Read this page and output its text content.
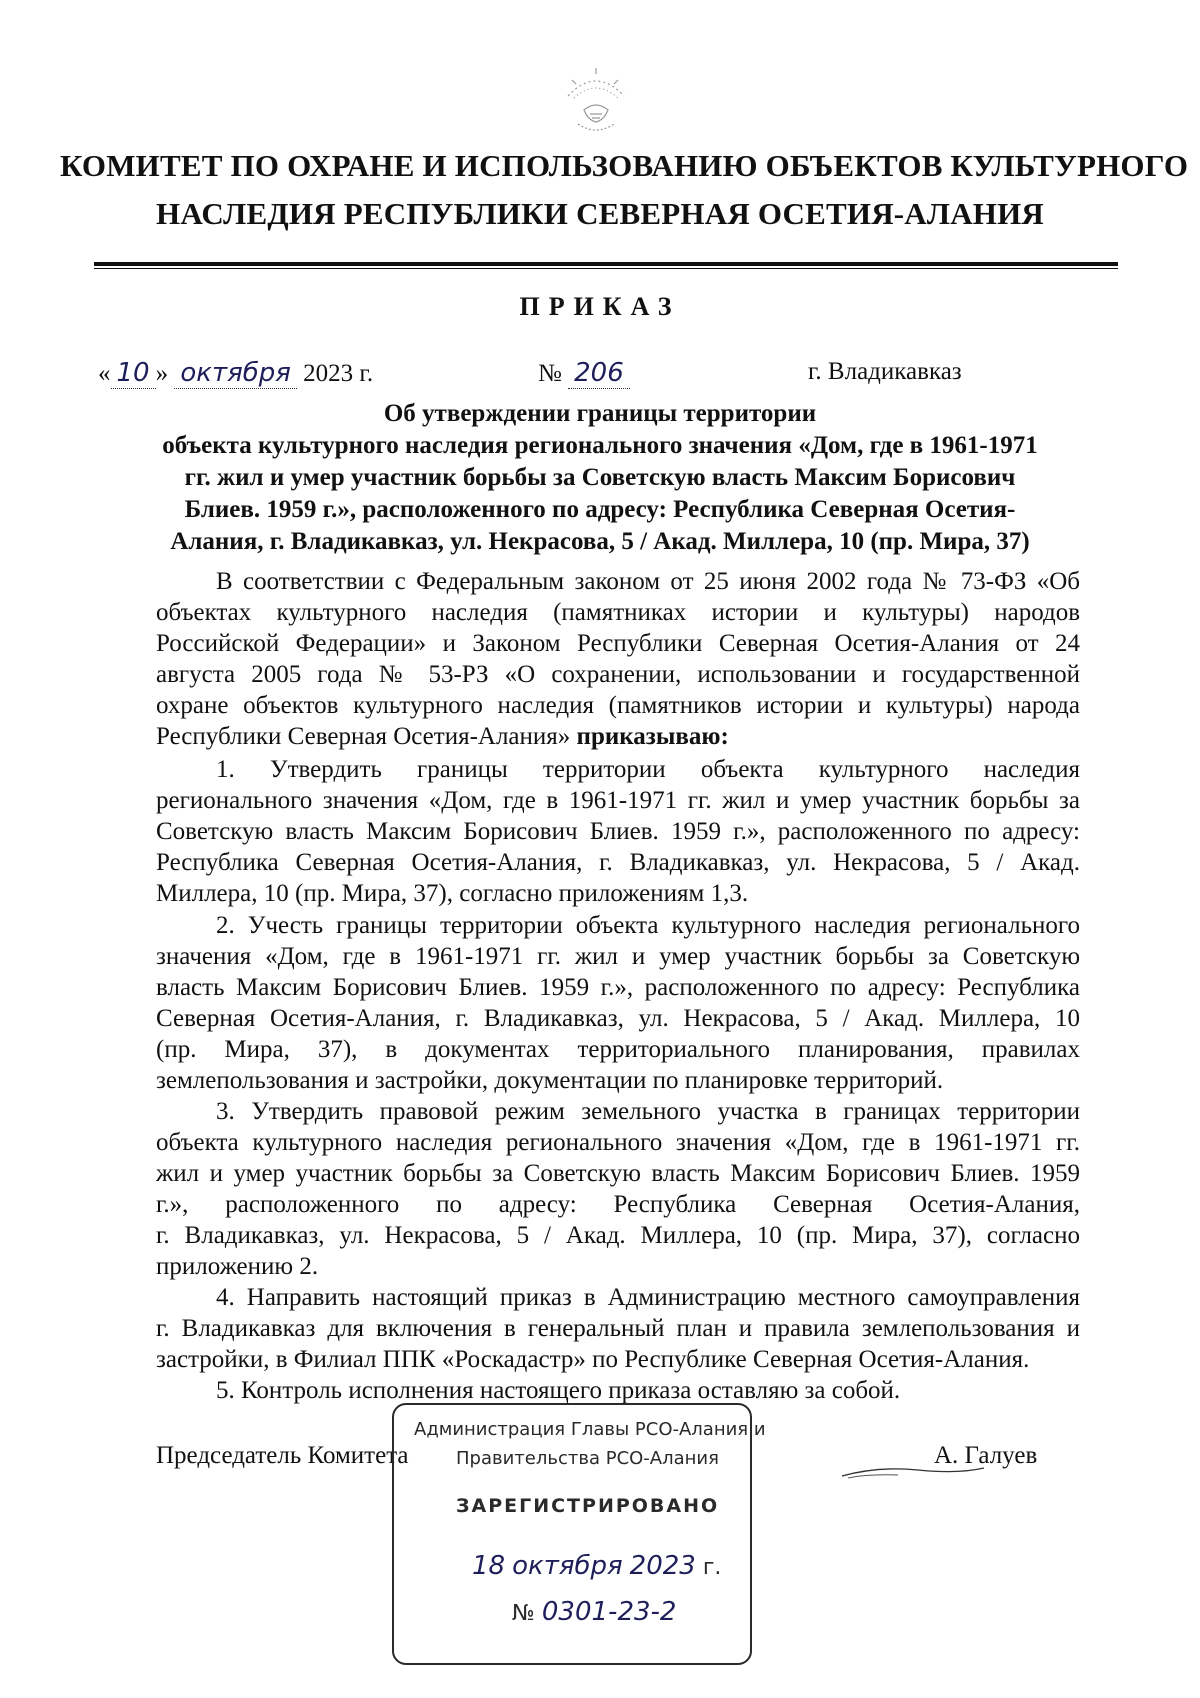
КОМИТЕТ ПО ОХРАНЕ И ИСПОЛЬЗОВАНИЮ ОБЪЕКТОВ КУЛЬТУРНОГО
НАСЛЕДИЯ РЕСПУБЛИКИ СЕВЕРНАЯ ОСЕТИЯ-АЛАНИЯ
ПРИКАЗ
« 10 » октября 2023 г.	№ 206	г. Владикавказ
Об утверждении границы территории
объекта культурного наследия регионального значения «Дом, где в 1961-1971
гг. жил и умер участник борьбы за Советскую власть Максим Борисович
Блиев. 1959 г.», расположенного по адресу: Республика Северная Осетия-
Алания, г. Владикавказ, ул. Некрасова, 5 / Акад. Миллера, 10 (пр. Мира, 37)
В соответствии с Федеральным законом от 25 июня 2002 года № 73-ФЗ «Об
объектах культурного наследия (памятниках истории и культуры) народов
Российской Федерации» и Законом Республики Северная Осетия-Алания от 24
августа 2005 года № 53-РЗ «О сохранении, использовании и государственной
охране объектов культурного наследия (памятников истории и культуры) народа
Республики Северная Осетия-Алания» приказываю:
1. Утвердить границы территории объекта культурного наследия
регионального значения «Дом, где в 1961-1971 гг. жил и умер участник борьбы за
Советскую власть Максим Борисович Блиев. 1959 г.», расположенного по адресу:
Республика Северная Осетия-Алания, г. Владикавказ, ул. Некрасова, 5 / Акад.
Миллера, 10 (пр. Мира, 37), согласно приложениям 1,3.
2. Учесть границы территории объекта культурного наследия регионального
значения «Дом, где в 1961-1971 гг. жил и умер участник борьбы за Советскую
власть Максим Борисович Блиев. 1959 г.», расположенного по адресу: Республика
Северная Осетия-Алания, г. Владикавказ, ул. Некрасова, 5 / Акад. Миллера, 10
(пр. Мира, 37), в документах территориального планирования, правилах
землепользования и застройки, документации по планировке территорий.
3. Утвердить правовой режим земельного участка в границах территории
объекта культурного наследия регионального значения «Дом, где в 1961-1971 гг.
жил и умер участник борьбы за Советскую власть Максим Борисович Блиев. 1959
г.», расположенного по адресу: Республика Северная Осетия-Алания,
г. Владикавказ, ул. Некрасова, 5 / Акад. Миллера, 10 (пр. Мира, 37), согласно
приложению 2.
4. Направить настоящий приказ в Администрацию местного самоуправления
г. Владикавказ для включения в генеральный план и правила землепользования и
застройки, в Филиал ППК «Роскадастр» по Республике Северная Осетия-Алания.
5. Контроль исполнения настоящего приказа оставляю за собой.
Председатель Комитета	А. Галуев
Администрация Главы РСО-Алания и
Правительства РСО-Алания
ЗАРЕГИСТРИРОВАНО
18 октября 2023 г.
№ 0301-23-2
